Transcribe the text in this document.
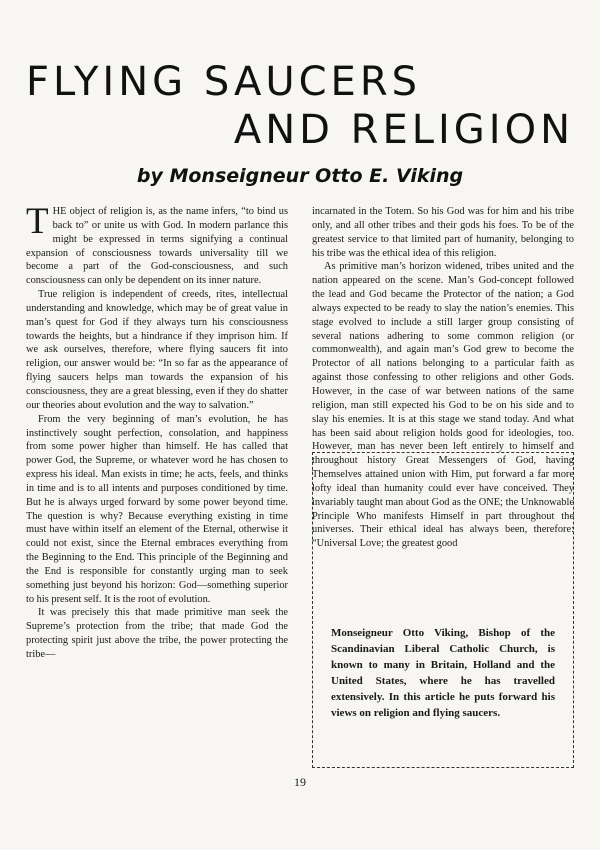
FLYING SAUCERS
AND RELIGION

by Monseigneur Otto E. Viking

THE object of religion is, as the name infers, “to bind us back to” or unite us with God. In modern parlance this might be expressed in terms signifying a continual expansion of consciousness towards universality till we become a part of the God-consciousness, and such consciousness can only be dependent on its inner nature.

True religion is independent of creeds, rites, intellectual understanding and knowledge, which may be of great value in man’s quest for God if they always turn his consciousness towards the heights, but a hindrance if they imprison him. If we ask ourselves, therefore, where flying saucers fit into religion, our answer would be: “In so far as the appearance of flying saucers helps man towards the expansion of his consciousness, they are a great blessing, even if they do shatter our theories about evolution and the way to salvation.”

From the very beginning of man’s evolution, he has instinctively sought perfection, consolation, and happiness from some power higher than himself. He has called that power God, the Supreme, or whatever word he has chosen to express his ideal. Man exists in time; he acts, feels, and thinks in time and is to all intents and purposes conditioned by time. But he is always urged forward by some power beyond time. The question is why? Because everything existing in time must have within itself an element of the Eternal, otherwise it could not exist, since the Eternal embraces everything from the Beginning to the End. This principle of the Beginning and the End is responsible for constantly urging man to seek something just beyond his horizon: God—something superior to his present self. It is the root of evolution.

It was precisely this that made primitive man seek the Supreme’s protection from the tribe; that made God the protecting spirit just above the tribe, the power protecting the tribe—

incarnated in the Totem. So his God was for him and his tribe only, and all other tribes and their gods his foes. To be of the greatest service to that limited part of humanity, belonging to his tribe was the ethical idea of this religion.

As primitive man’s horizon widened, tribes united and the nation appeared on the scene. Man’s God-concept followed the lead and God became the Protector of the nation; a God always expected to be ready to slay the nation’s enemies. This stage evolved to include a still larger group consisting of several nations adhering to some common religion (or commonwealth), and again man’s God grew to become the Protector of all nations belonging to a particular faith as against those confessing to other religions and other Gods. However, in the case of war between nations of the same religion, man still expected his God to be on his side and to slay his enemies. It is at this stage we stand today. And what has been said about religion holds good for ideologies, too. However, man has never been left entirely to himself and throughout history Great Messengers of God, having Themselves attained union with Him, put forward a far more lofty ideal than humanity could ever have conceived. They invariably taught man about God as the ONE; the Unknowable Principle Who manifests Himself in part throughout the universes. Their ethical ideal has always been, therefore: “Universal Love; the greatest good

Monseigneur Otto Viking, Bishop of the Scandinavian Liberal Catholic Church, is known to many in Britain, Holland and the United States, where he has travelled extensively. In this article he puts forward his views on religion and flying saucers.
19
